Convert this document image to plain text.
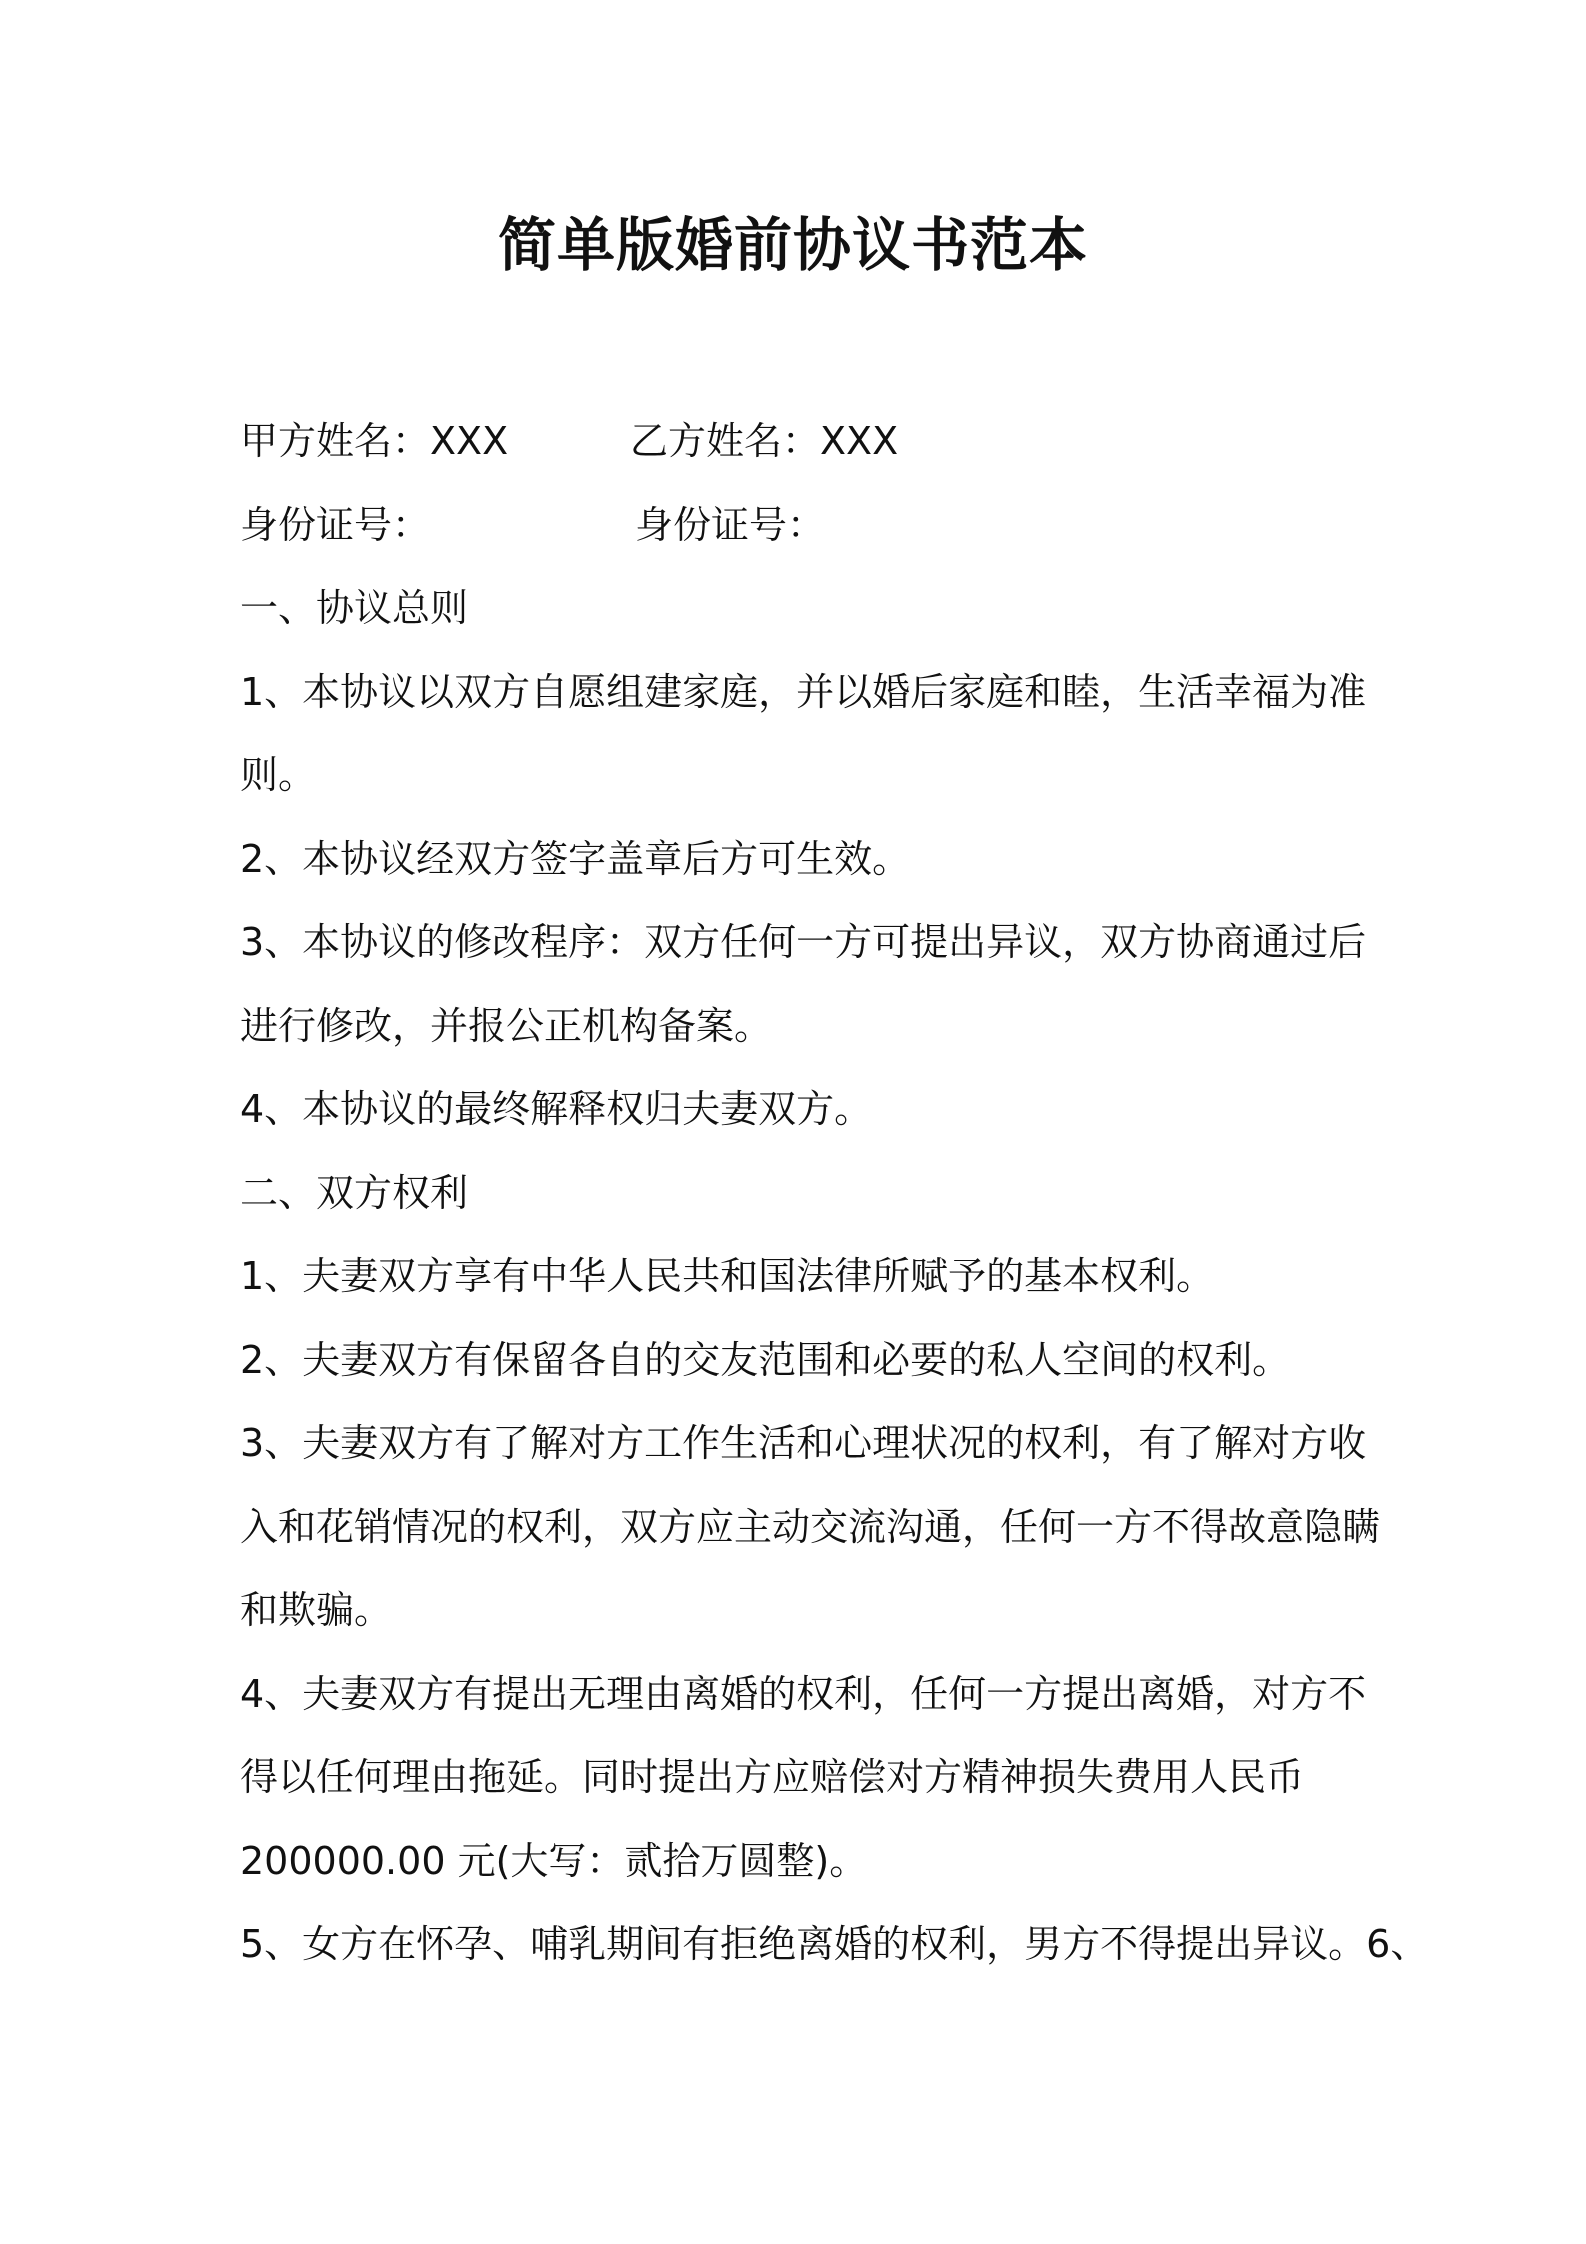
简单版婚前协议书范本
甲方姓名：XXX	乙方姓名：XXX
身份证号：	身份证号：
一、协议总则
1、本协议以双方自愿组建家庭，并以婚后家庭和睦，生活幸福为准
则。
2、本协议经双方签字盖章后方可生效。
3、本协议的修改程序：双方任何一方可提出异议，双方协商通过后
进行修改，并报公正机构备案。
4、本协议的最终解释权归夫妻双方。
二、双方权利
1、夫妻双方享有中华人民共和国法律所赋予的基本权利。
2、夫妻双方有保留各自的交友范围和必要的私人空间的权利。
3、夫妻双方有了解对方工作生活和心理状况的权利，有了解对方收
入和花销情况的权利，双方应主动交流沟通，任何一方不得故意隐瞒
和欺骗。
4、夫妻双方有提出无理由离婚的权利，任何一方提出离婚，对方不
得以任何理由拖延。同时提出方应赔偿对方精神损失费用人民币
200000.00 元(大写：贰拾万圆整)。
5、女方在怀孕、哺乳期间有拒绝离婚的权利，男方不得提出异议。6、
